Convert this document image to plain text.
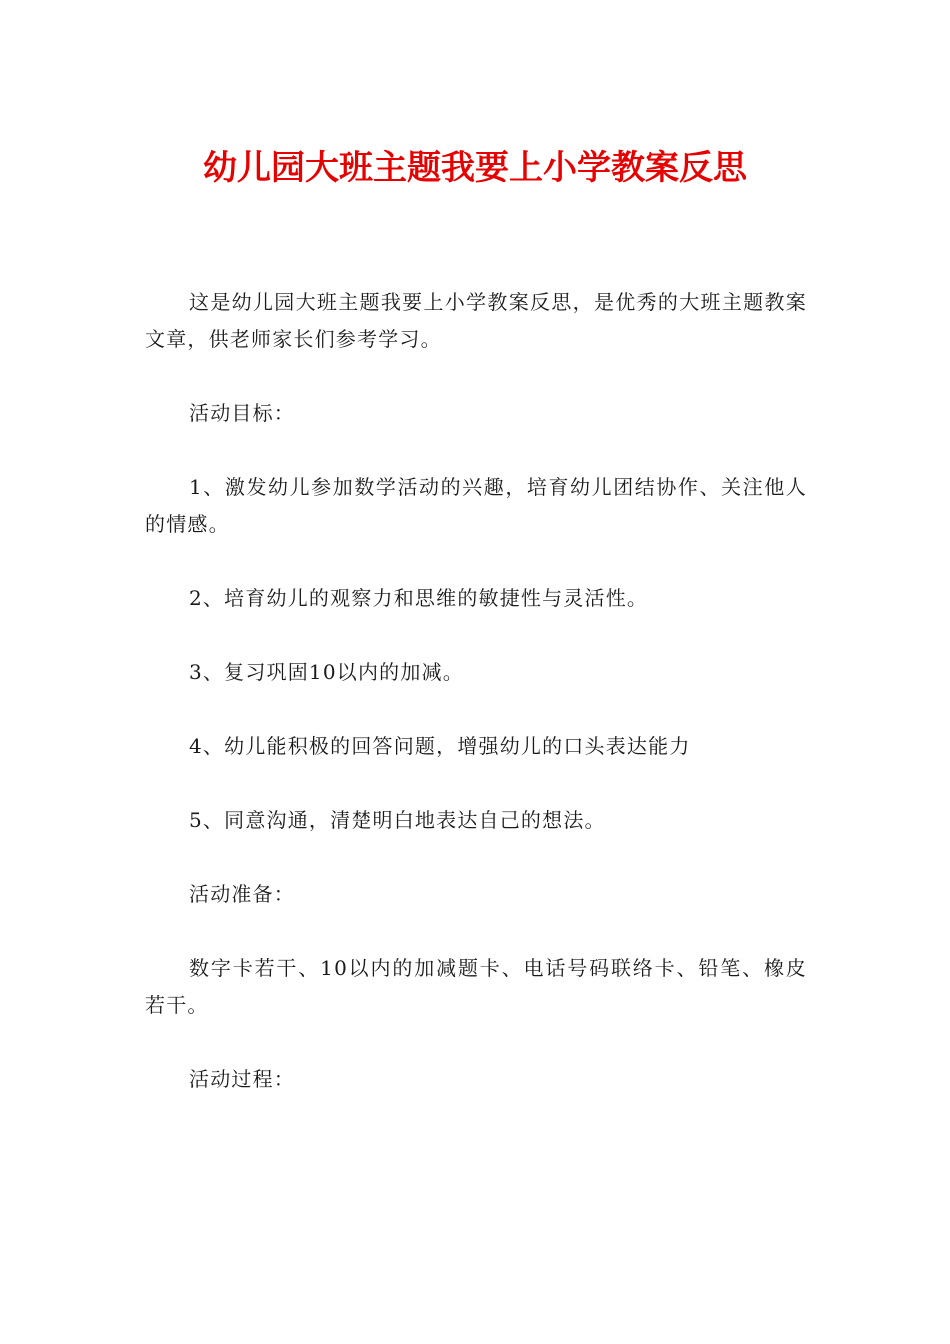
幼儿园大班主题我要上小学教案反思

这是幼儿园大班主题我要上小学教案反思，是优秀的大班主题教案文章，供老师家长们参考学习。

活动目标：

1、激发幼儿参加数学活动的兴趣，培育幼儿团结协作、关注他人的情感。

2、培育幼儿的观察力和思维的敏捷性与灵活性。

3、复习巩固10以内的加减。

4、幼儿能积极的回答问题，增强幼儿的口头表达能力

5、同意沟通，清楚明白地表达自己的想法。

活动准备：

数字卡若干、10以内的加减题卡、电话号码联络卡、铅笔、橡皮若干。

活动过程：
